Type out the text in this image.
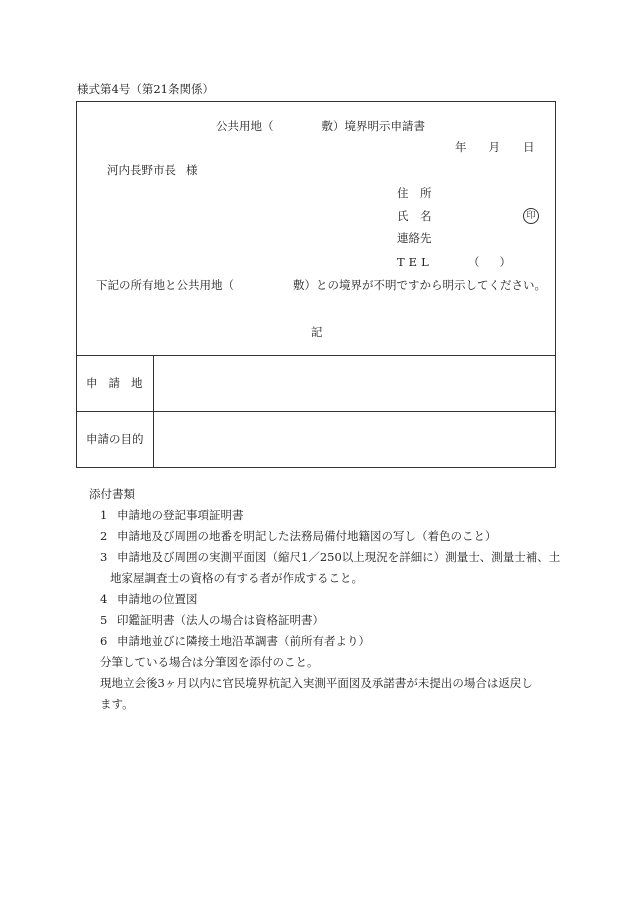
様式第4号（第21条関係）
公共用地（	敷）境界明示申請書
年 月 日
河内長野市長 様
住　所
氏　名	印
連絡先
TEL	（ ）
下記の所有地と公共用地（	敷）との境界が不明ですから明示してください。
記
申請地
申請の目的
添付書類
1 申請地の登記事項証明書
2 申請地及び周囲の地番を明記した法務局備付地籍図の写し（着色のこと）
3 申請地及び周囲の実測平面図（縮尺1／250以上現況を詳細に）測量士、測量士補、土
地家屋調査士の資格の有する者が作成すること。
4 申請地の位置図
5 印鑑証明書（法人の場合は資格証明書）
6 申請地並びに隣接土地沿革調書（前所有者より）
分筆している場合は分筆図を添付のこと。
現地立会後3ヶ月以内に官民境界杭記入実測平面図及承諾書が未提出の場合は返戻し
ます。
